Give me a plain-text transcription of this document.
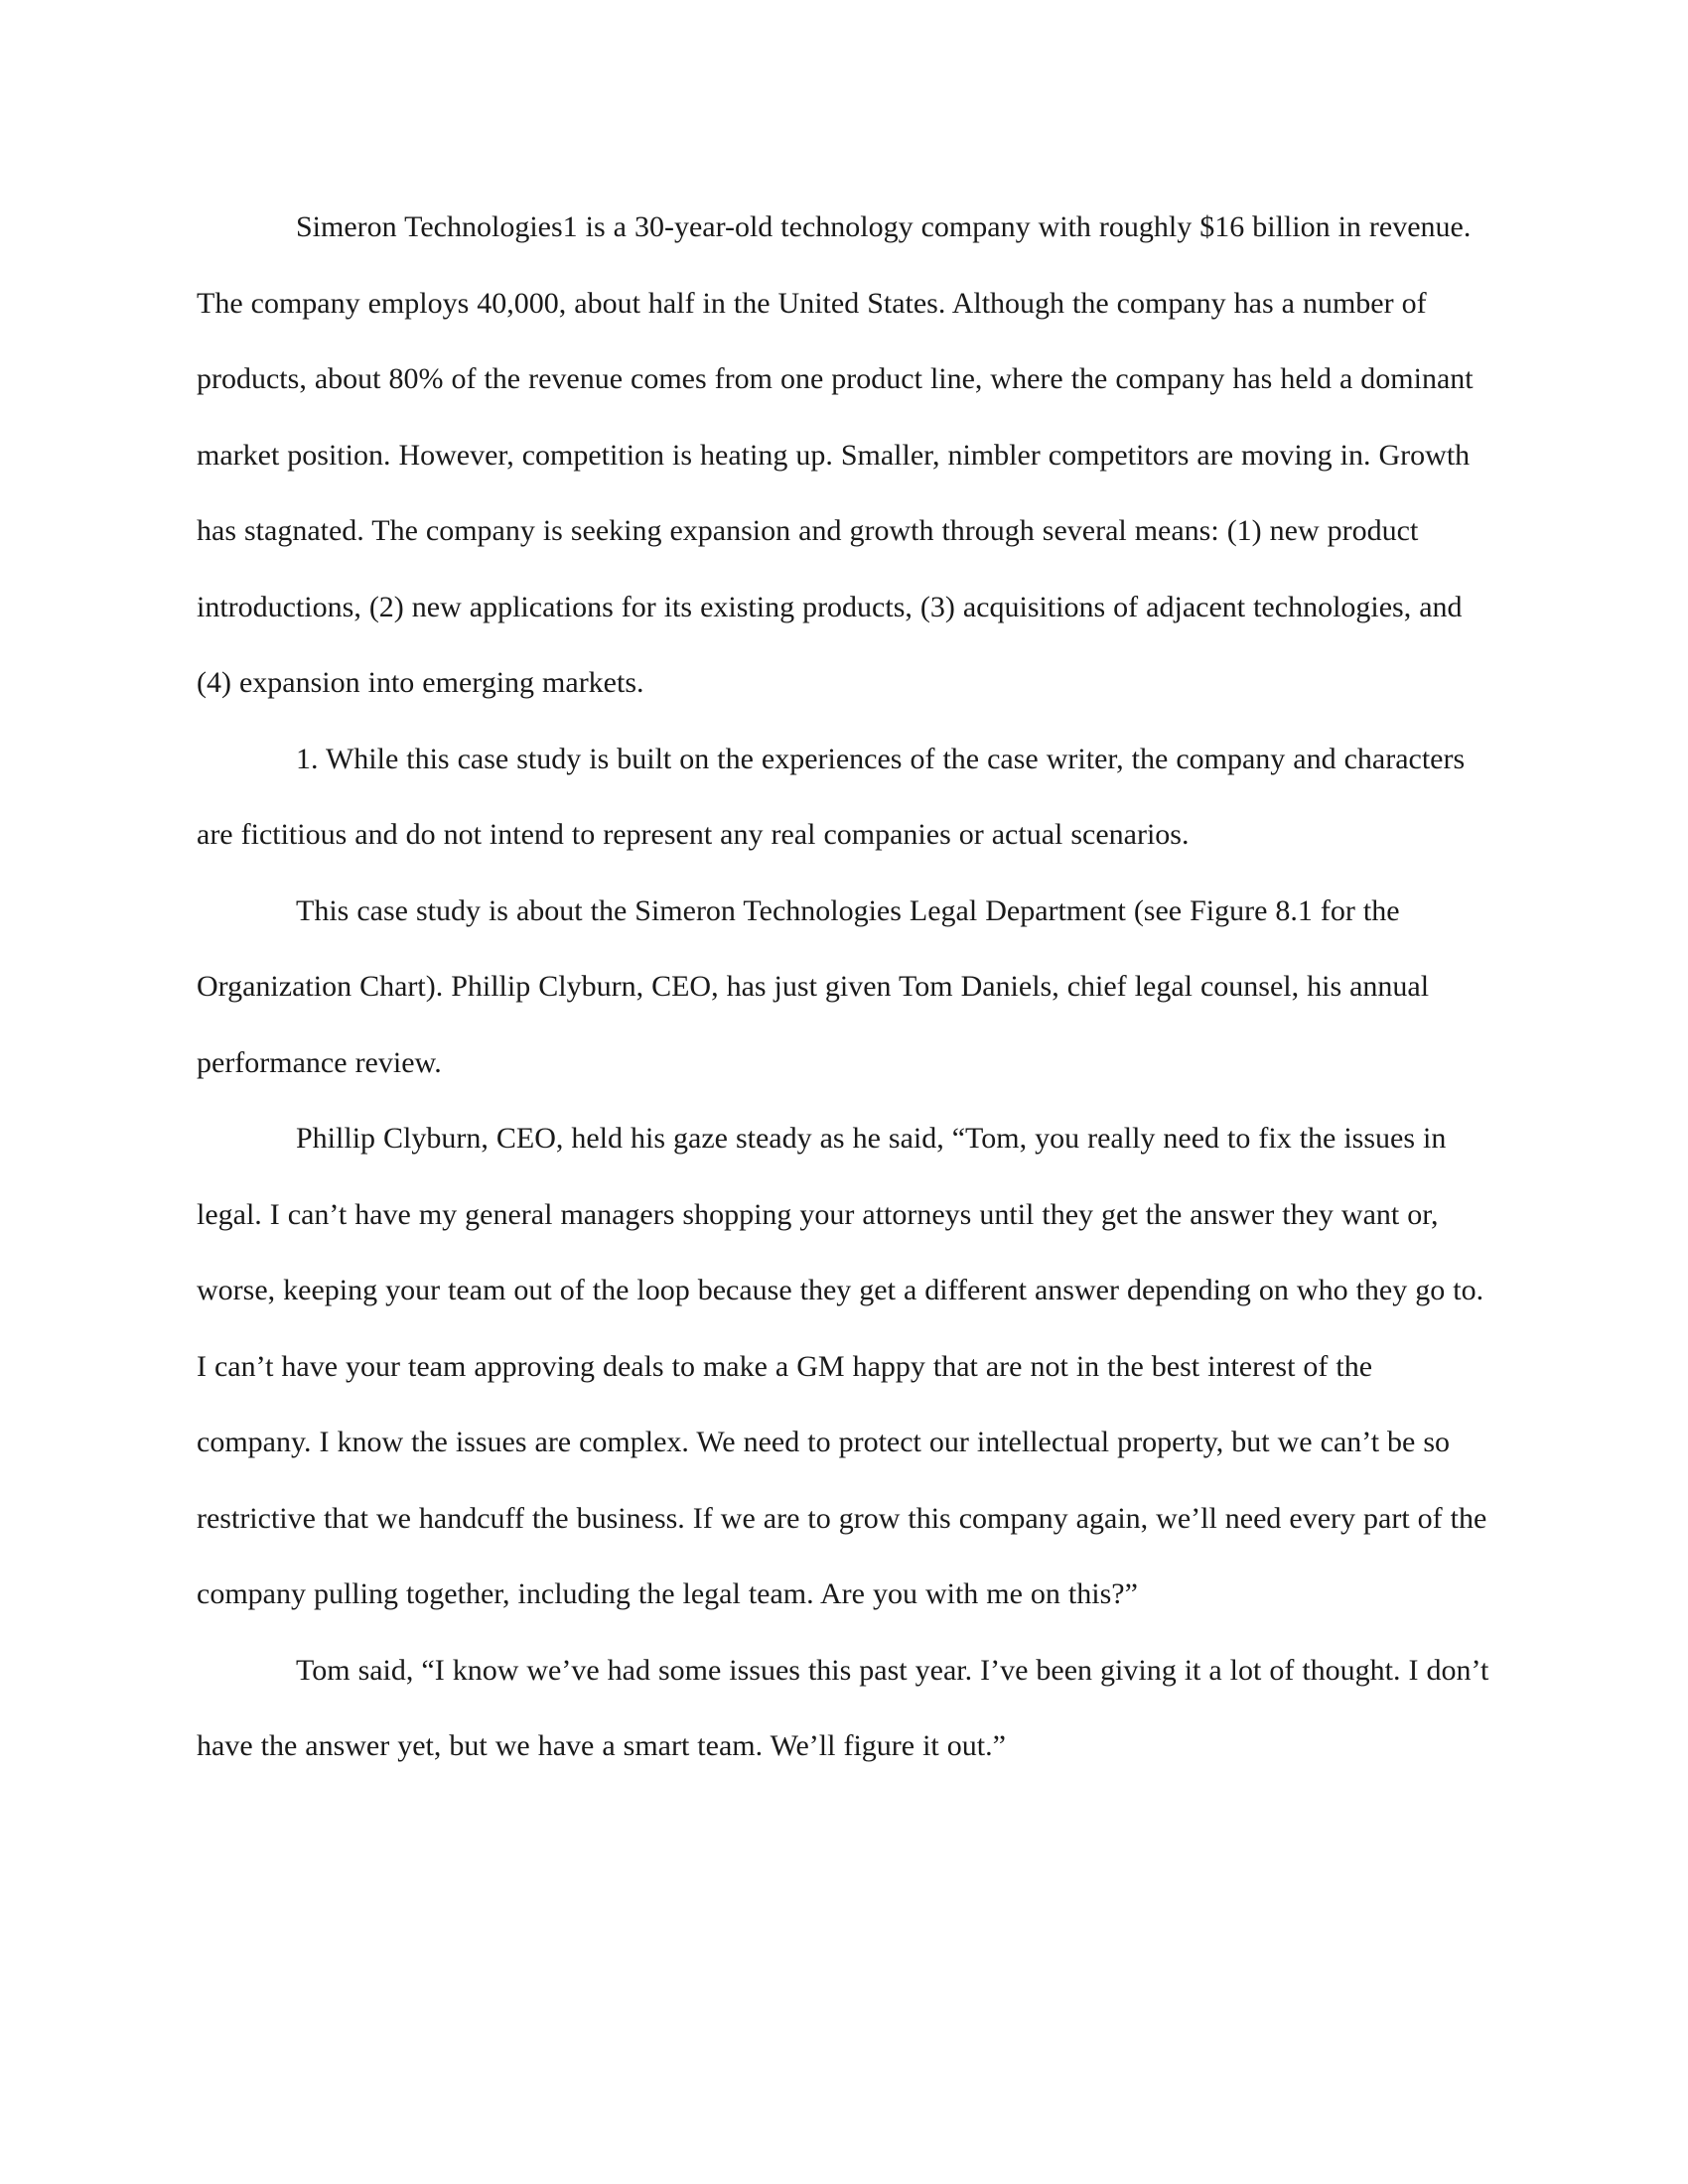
Simeron Technologies1 is a 30-year-old technology company with roughly $16 billion in revenue. The company employs 40,000, about half in the United States. Although the company has a number of products, about 80% of the revenue comes from one product line, where the company has held a dominant market position. However, competition is heating up. Smaller, nimbler competitors are moving in. Growth has stagnated. The company is seeking expansion and growth through several means: (1) new product introductions, (2) new applications for its existing products, (3) acquisitions of adjacent technologies, and (4) expansion into emerging markets.

1. While this case study is built on the experiences of the case writer, the company and characters are fictitious and do not intend to represent any real companies or actual scenarios.

This case study is about the Simeron Technologies Legal Department (see Figure 8.1 for the Organization Chart). Phillip Clyburn, CEO, has just given Tom Daniels, chief legal counsel, his annual performance review.

Phillip Clyburn, CEO, held his gaze steady as he said, “Tom, you really need to fix the issues in legal. I can’t have my general managers shopping your attorneys until they get the answer they want or, worse, keeping your team out of the loop because they get a different answer depending on who they go to. I can’t have your team approving deals to make a GM happy that are not in the best interest of the company. I know the issues are complex. We need to protect our intellectual property, but we can’t be so restrictive that we handcuff the business. If we are to grow this company again, we’ll need every part of the company pulling together, including the legal team. Are you with me on this?”

Tom said, “I know we’ve had some issues this past year. I’ve been giving it a lot of thought. I don’t have the answer yet, but we have a smart team. We’ll figure it out.”
